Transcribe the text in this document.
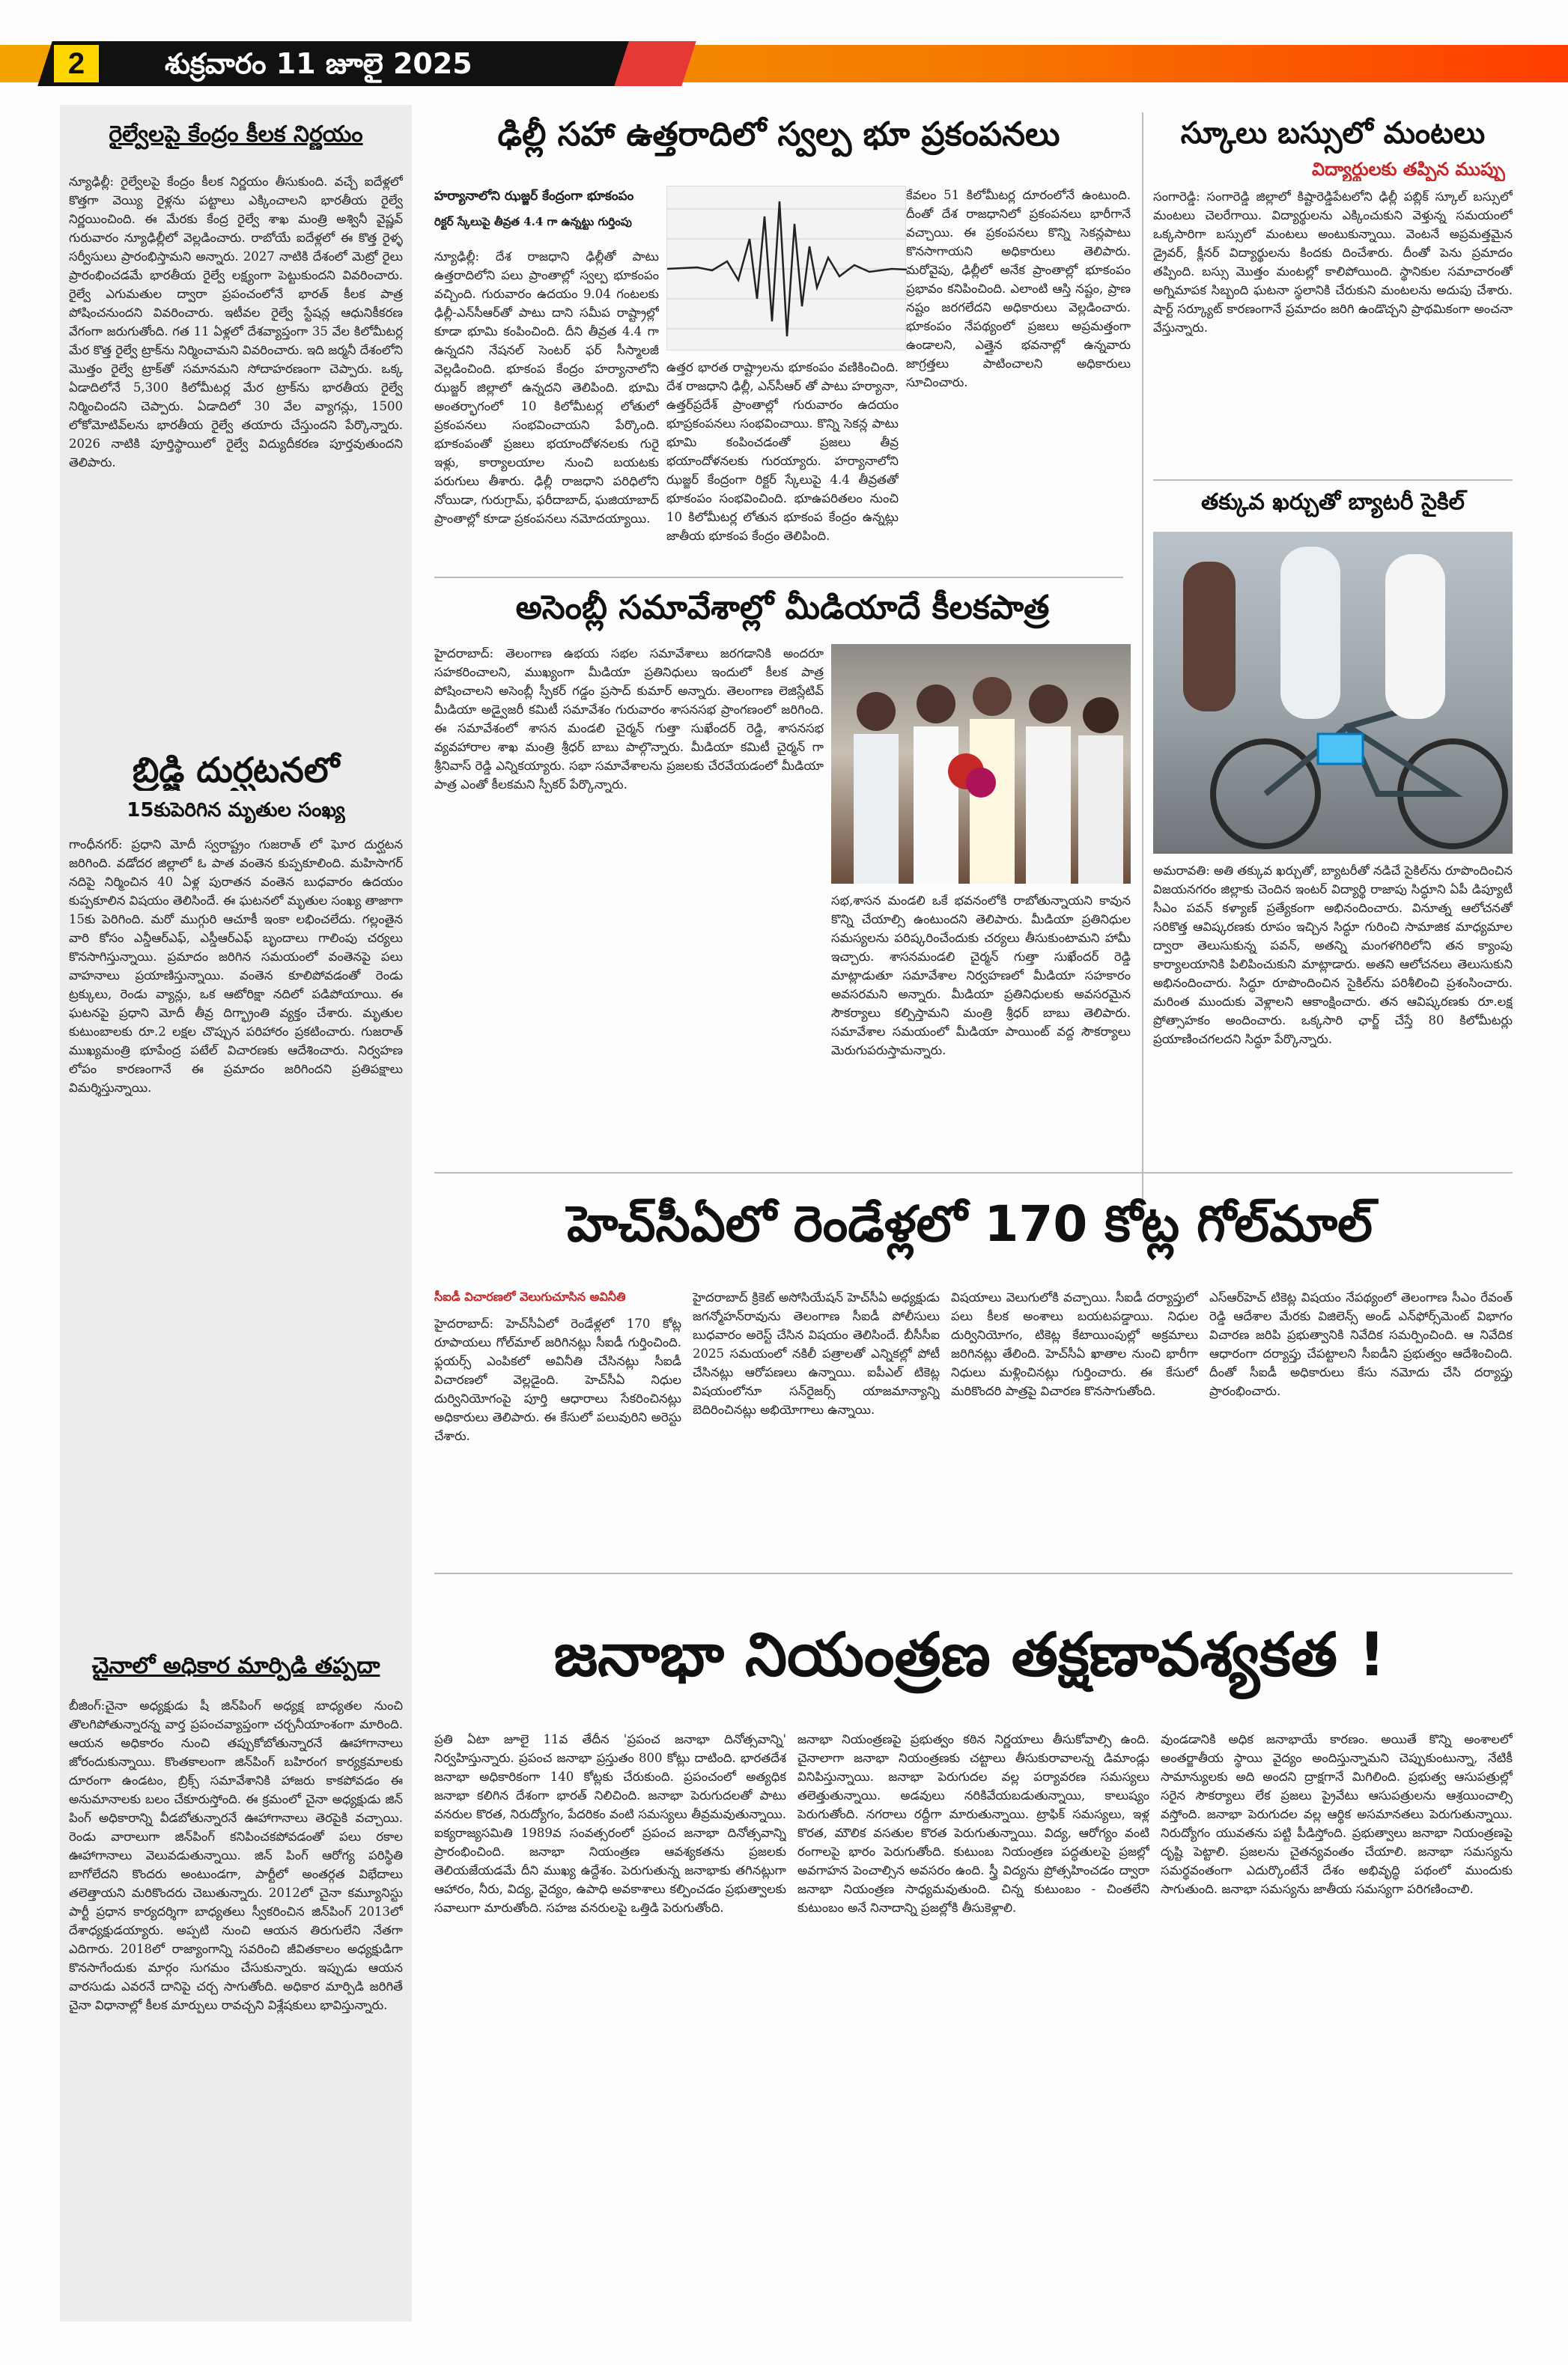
2	శుక్రవారం 11 జూలై 2025
రైల్వేలపై కేంద్రం కీలక నిర్ణయం
న్యూఢిల్లీ: రైల్వేలపై కేంద్రం కీలక నిర్ణయం తీసుకుంది. వచ్చే ఐదేళ్లలో కొత్తగా వెయ్యి రైళ్లను పట్టాలు ఎక్కించాలని భారతీయ రైల్వే నిర్ణయించింది. ఈ మేరకు కేంద్ర రైల్వే శాఖ మంత్రి అశ్వినీ వైష్ణవ్ గురువారం న్యూఢిల్లీలో వెల్లడించారు. రాబోయే ఐదేళ్లలో ఈ కొత్త రైళ్ళ సర్వీసులు ప్రారంభిస్తామని అన్నారు. 2027 నాటికి దేశంలో మెట్రో రైలు ప్రారంభించడమే భారతీయ రైల్వే లక్ష్యంగా పెట్టుకుందని వివరించారు. రైల్వే ఎగుమతుల ద్వారా ప్రపంచంలోనే భారత్ కీలక పాత్ర పోషించనుందని వివరించారు. ఇటీవల రైల్వే స్టేషన్ల ఆధునికీకరణ వేగంగా జరుగుతోంది. గత 11 ఏళ్లలో దేశవ్యాప్తంగా 35 వేల కిలోమీటర్ల మేర కొత్త రైల్వే ట్రాక్‌ను నిర్మించామని వివరించారు. ఇది జర్మనీ దేశంలోని మొత్తం రైల్వే ట్రాక్‌తో సమానమని సోదాహరణంగా చెప్పారు. ఒక్క ఏడాదిలోనే 5,300 కిలోమీటర్ల మేర ట్రాక్‌ను భారతీయ రైల్వే నిర్మించిందని చెప్పారు. ఏడాదిలో 30 వేల వ్యాగన్లు, 1500 లోకోమోటివ్‌లను భారతీయ రైల్వే తయారు చేస్తుందని పేర్కొన్నారు. 2026 నాటికి పూర్తిస్థాయిలో రైల్వే విద్యుదీకరణ పూర్తవుతుందని తెలిపారు.
బ్రిడ్జి దుర్ఘటనలో
15కుపెరిగిన మృతుల సంఖ్య
గాంధీనగర్: ప్రధాని మోదీ స్వరాష్ట్రం గుజరాత్ లో ఘోర దుర్ఘటన జరిగింది. వడోదర జిల్లాలో ఓ పాత వంతెన కుప్పకూలింది. మహిసాగర్ నదిపై నిర్మించిన 40 ఏళ్ల పురాతన వంతెన బుధవారం ఉదయం కుప్పకూలిన విషయం తెలిసిందే. ఈ ఘటనలో మృతుల సంఖ్య తాజాగా 15కు పెరిగింది. మరో ముగ్గురి ఆచూకీ ఇంకా లభించలేదు. గల్లంతైన వారి కోసం ఎన్డీఆర్ఎఫ్, ఎస్డీఆర్ఎఫ్ బృందాలు గాలింపు చర్యలు కొనసాగిస్తున్నాయి. ప్రమాదం జరిగిన సమయంలో వంతెనపై పలు వాహనాలు ప్రయాణిస్తున్నాయి. వంతెన కూలిపోవడంతో రెండు ట్రక్కులు, రెండు వ్యాన్లు, ఒక ఆటోరిక్షా నదిలో పడిపోయాయి. ఈ ఘటనపై ప్రధాని మోదీ తీవ్ర దిగ్భ్రాంతి వ్యక్తం చేశారు. మృతుల కుటుంబాలకు రూ.2 లక్షల చొప్పున పరిహారం ప్రకటించారు. గుజరాత్ ముఖ్యమంత్రి భూపేంద్ర పటేల్ విచారణకు ఆదేశించారు. నిర్వహణ లోపం కారణంగానే ఈ ప్రమాదం జరిగిందని ప్రతిపక్షాలు విమర్శిస్తున్నాయి.
చైనాలో అధికార మార్పిడి తప్పదా
బీజింగ్:చైనా అధ్యక్షుడు షీ జిన్‌పింగ్ అధ్యక్ష బాధ్యతల నుంచి తొలగిపోతున్నారన్న వార్త ప్రపంచవ్యాప్తంగా చర్చనీయాంశంగా మారింది. ఆయన అధికారం నుంచి తప్పుకోబోతున్నారనే ఊహాగానాలు జోరందుకున్నాయి. కొంతకాలంగా జిన్‌పింగ్ బహిరంగ కార్యక్రమాలకు దూరంగా ఉండటం, బ్రిక్స్ సమావేశానికి హాజరు కాకపోవడం ఈ అనుమానాలకు బలం చేకూరుస్తోంది. ఈ క్రమంలో చైనా అధ్యక్షుడు జిన్ పింగ్ అధికారాన్ని వీడబోతున్నారనే ఊహాగానాలు తెరపైకి వచ్చాయి. రెండు వారాలుగా జిన్‌పింగ్ కనిపించకపోవడంతో పలు రకాల ఊహాగానాలు వెలువడుతున్నాయి. జిన్ పింగ్ ఆరోగ్య పరిస్థితి బాగోలేదని కొందరు అంటుండగా, పార్టీలో అంతర్గత విభేదాలు తలెత్తాయని మరికొందరు చెబుతున్నారు. 2012లో చైనా కమ్యూనిస్టు పార్టీ ప్రధాన కార్యదర్శిగా బాధ్యతలు స్వీకరించిన జిన్‌పింగ్ 2013లో దేశాధ్యక్షుడయ్యారు. అప్పటి నుంచి ఆయన తిరుగులేని నేతగా ఎదిగారు. 2018లో రాజ్యాంగాన్ని సవరించి జీవితకాలం అధ్యక్షుడిగా కొనసాగేందుకు మార్గం సుగమం చేసుకున్నారు. ఇప్పుడు ఆయన వారసుడు ఎవరనే దానిపై చర్చ సాగుతోంది. అధికార మార్పిడి జరిగితే చైనా విధానాల్లో కీలక మార్పులు రావచ్చని విశ్లేషకులు భావిస్తున్నారు.
ఢిల్లీ సహా ఉత్తరాదిలో స్వల్ప భూ ప్రకంపనలు
హర్యానాలోని ఝజ్జర్ కేంద్రంగా భూకంపం
రిక్టర్ స్కేలుపై తీవ్రత 4.4 గా ఉన్నట్టు గుర్తింపు
న్యూఢిల్లీ: దేశ రాజధాని ఢిల్లీతో పాటు ఉత్తరాదిలోని పలు ప్రాంతాల్లో స్వల్ప భూకంపం వచ్చింది. గురువారం ఉదయం 9.04 గంటలకు ఢిల్లీ-ఎన్‌సీఆర్‌తో పాటు దాని సమీప రాష్ట్రాల్లో కూడా భూమి కంపించింది. దీని తీవ్రత 4.4 గా ఉన్నదని నేషనల్ సెంటర్ ఫర్ సీస్మాలజీ వెల్లడించింది. భూకంప కేంద్రం హర్యానాలోని ఝజ్జర్ జిల్లాలో ఉన్నదని తెలిపింది. భూమి అంతర్భాగంలో 10 కిలోమీటర్ల లోతులో ప్రకంపనలు సంభవించాయని పేర్కొంది. భూకంపంతో ప్రజలు భయాందోళనలకు గురై ఇళ్లు, కార్యాలయాల నుంచి బయటకు పరుగులు తీశారు. ఢిల్లీ రాజధాని పరిధిలోని నోయిడా, గురుగ్రామ్, ఫరీదాబాద్, ఘజియాబాద్ ప్రాంతాల్లో కూడా ప్రకంపనలు నమోదయ్యాయి.
ఉత్తర భారత రాష్ట్రాలను భూకంపం వణికించింది. దేశ రాజధాని ఢిల్లీ, ఎన్‌సీఆర్ తో పాటు హర్యానా, ఉత్తర్‌ప్రదేశ్ ప్రాంతాల్లో గురువారం ఉదయం భూప్రకంపనలు సంభవించాయి. కొన్ని సెకన్ల పాటు భూమి కంపించడంతో ప్రజలు తీవ్ర భయాందోళనలకు గురయ్యారు. హర్యానాలోని ఝజ్జర్ కేంద్రంగా రిక్టర్ స్కేలుపై 4.4 తీవ్రతతో భూకంపం సంభవించింది. భూఉపరితలం నుంచి 10 కిలోమీటర్ల లోతున భూకంప కేంద్రం ఉన్నట్లు జాతీయ భూకంప కేంద్రం తెలిపింది.
కేవలం 51 కిలోమీటర్ల దూరంలోనే ఉంటుంది. దీంతో దేశ రాజధానిలో ప్రకంపనలు భారీగానే వచ్చాయి. ఈ ప్రకంపనలు కొన్ని సెకన్లపాటు కొనసాగాయని అధికారులు తెలిపారు. మరోవైపు, ఢిల్లీలో అనేక ప్రాంతాల్లో భూకంపం ప్రభావం కనిపించింది. ఎలాంటి ఆస్తి నష్టం, ప్రాణ నష్టం జరగలేదని అధికారులు వెల్లడించారు. భూకంపం నేపథ్యంలో ప్రజలు అప్రమత్తంగా ఉండాలని, ఎత్తైన భవనాల్లో ఉన్నవారు జాగ్రత్తలు పాటించాలని అధికారులు సూచించారు.
స్కూలు బస్సులో మంటలు
విద్యార్థులకు తప్పిన ముప్పు
సంగారెడ్డి: సంగారెడ్డి జిల్లాలో కిష్టారెడ్డిపేటలోని ఢిల్లీ పబ్లిక్ స్కూల్ బస్సులో మంటలు చెలరేగాయి. విద్యార్థులను ఎక్కించుకుని వెళ్తున్న సమయంలో ఒక్కసారిగా బస్సులో మంటలు అంటుకున్నాయి. వెంటనే అప్రమత్తమైన డ్రైవర్, క్లీనర్ విద్యార్థులను కిందకు దించేశారు. దీంతో పెను ప్రమాదం తప్పింది. బస్సు మొత్తం మంటల్లో కాలిపోయింది. స్థానికుల సమాచారంతో అగ్నిమాపక సిబ్బంది ఘటనా స్థలానికి చేరుకుని మంటలను అదుపు చేశారు. షార్ట్ సర్క్యూట్ కారణంగానే ప్రమాదం జరిగి ఉండొచ్చని ప్రాథమికంగా అంచనా వేస్తున్నారు.
తక్కువ ఖర్చుతో బ్యాటరీ సైకిల్
అమరావతి: అతి తక్కువ ఖర్చుతో, బ్యాటరీతో నడిచే సైకిల్‌ను రూపొందించిన విజయనగరం జిల్లాకు చెందిన ఇంటర్ విద్యార్థి రాజాపు సిద్ధూని ఏపీ డిప్యూటీ సీఎం పవన్ కళ్యాణ్ ప్రత్యేకంగా అభినందించారు. వినూత్న ఆలోచనతో సరికొత్త ఆవిష్కరణకు రూపం ఇచ్చిన సిద్ధూ గురించి సామాజిక మాధ్యమాల ద్వారా తెలుసుకున్న పవన్, అతన్ని మంగళగిరిలోని తన క్యాంపు కార్యాలయానికి పిలిపించుకుని మాట్లాడారు. అతని ఆలోచనలు తెలుసుకుని అభినందించారు. సిద్ధూ రూపొందించిన సైకిల్‌ను పరిశీలించి ప్రశంసించారు. మరింత ముందుకు వెళ్లాలని ఆకాంక్షించారు. తన ఆవిష్కరణకు రూ.లక్ష ప్రోత్సాహకం అందించారు. ఒక్కసారి ఛార్జ్ చేస్తే 80 కిలోమీటర్లు ప్రయాణించగలదని సిద్ధూ పేర్కొన్నారు.
అసెంబ్లీ సమావేశాల్లో మీడియాదే కీలకపాత్ర
హైదరాబాద్: తెలంగాణ ఉభయ సభల సమావేశాలు జరగడానికి అందరూ సహకరించాలని, ముఖ్యంగా మీడియా ప్రతినిధులు ఇందులో కీలక పాత్ర పోషించాలని అసెంబ్లీ స్పీకర్ గడ్డం ప్రసాద్ కుమార్ అన్నారు. తెలంగాణ లెజిస్లేటివ్ మీడియా అడ్వైజరీ కమిటీ సమావేశం గురువారం శాసనసభ ప్రాంగణంలో జరిగింది. ఈ సమావేశంలో శాసన మండలి చైర్మన్ గుత్తా సుఖేందర్ రెడ్డి, శాసనసభ వ్యవహారాల శాఖ మంత్రి శ్రీధర్ బాబు పాల్గొన్నారు. మీడియా కమిటీ చైర్మన్ గా శ్రీనివాస్ రెడ్డి ఎన్నికయ్యారు. సభా సమావేశాలను ప్రజలకు చేరవేయడంలో మీడియా పాత్ర ఎంతో కీలకమని స్పీకర్ పేర్కొన్నారు.
సభ,శాసన మండలి ఒకే భవనంలోకి రాబోతున్నాయని కావున కొన్ని చేయాల్సి ఉంటుందని తెలిపారు. మీడియా ప్రతినిధుల సమస్యలను పరిష్కరించేందుకు చర్యలు తీసుకుంటామని హామీ ఇచ్చారు. శాసనమండలి చైర్మన్ గుత్తా సుఖేందర్ రెడ్డి మాట్లాడుతూ సమావేశాల నిర్వహణలో మీడియా సహకారం అవసరమని అన్నారు. మీడియా ప్రతినిధులకు అవసరమైన సౌకర్యాలు కల్పిస్తామని మంత్రి శ్రీధర్ బాబు తెలిపారు. సమావేశాల సమయంలో మీడియా పాయింట్ వద్ద సౌకర్యాలు మెరుగుపరుస్తామన్నారు.
హెచ్‌సీఏలో రెండేళ్లలో 170 కోట్ల గోల్‌మాల్
సీఐడీ విచారణలో వెలుగుచూసిన అవినీతి
హైదరాబాద్: హెచ్‌సీఏలో రెండేళ్లలో 170 కోట్ల రూపాయలు గోల్‌మాల్ జరిగినట్లు సీఐడీ గుర్తించింది. ఫ్లయర్స్ ఎంపికలో అవినీతి చేసినట్లు సీఐడీ విచారణలో వెల్లడైంది. హెచ్‌సీఏ నిధుల దుర్వినియోగంపై పూర్తి ఆధారాలు సేకరించినట్లు అధికారులు తెలిపారు. ఈ కేసులో పలువురిని అరెస్టు చేశారు.
హైదరాబాద్ క్రికెట్ అసోసియేషన్ హెచ్‌సీఏ అధ్యక్షుడు జగన్మోహన్‌రావును తెలంగాణ సీఐడీ పోలీసులు బుధవారం అరెస్ట్ చేసిన విషయం తెలిసిందే. బీసీసీఐ 2025 సమయంలో నకిలీ పత్రాలతో ఎన్నికల్లో పోటీ చేసినట్లు ఆరోపణలు ఉన్నాయి. ఐపీఎల్ టికెట్ల విషయంలోనూ సన్‌రైజర్స్ యాజమాన్యాన్ని బెదిరించినట్లు అభియోగాలు ఉన్నాయి.
విషయాలు వెలుగులోకి వచ్చాయి. సీఐడీ దర్యాప్తులో పలు కీలక అంశాలు బయటపడ్డాయి. నిధుల దుర్వినియోగం, టికెట్ల కేటాయింపుల్లో అక్రమాలు జరిగినట్లు తేలింది. హెచ్‌సీఏ ఖాతాల నుంచి భారీగా నిధులు మళ్లించినట్లు గుర్తించారు. ఈ కేసులో మరికొందరి పాత్రపై విచారణ కొనసాగుతోంది.
ఎస్‌ఆర్‌హెచ్ టికెట్ల విషయం నేపథ్యంలో తెలంగాణ సీఎం రేవంత్ రెడ్డి ఆదేశాల మేరకు విజిలెన్స్ అండ్ ఎన్‌ఫోర్స్‌మెంట్ విభాగం విచారణ జరిపి ప్రభుత్వానికి నివేదిక సమర్పించింది. ఆ నివేదిక ఆధారంగా దర్యాప్తు చేపట్టాలని సీఐడీని ప్రభుత్వం ఆదేశించింది. దీంతో సీఐడీ అధికారులు కేసు నమోదు చేసి దర్యాప్తు ప్రారంభించారు.
జనాభా నియంత్రణ తక్షణావశ్యకత !
ప్రతి ఏటా జూలై 11వ తేదీన 'ప్రపంచ జనాభా దినోత్సవాన్ని' నిర్వహిస్తున్నారు. ప్రపంచ జనాభా ప్రస్తుతం 800 కోట్లు దాటింది. భారతదేశ జనాభా అధికారికంగా 140 కోట్లకు చేరుకుంది. ప్రపంచంలో అత్యధిక జనాభా కలిగిన దేశంగా భారత్ నిలిచింది. జనాభా పెరుగుదలతో పాటు వనరుల కొరత, నిరుద్యోగం, పేదరికం వంటి సమస్యలు తీవ్రమవుతున్నాయి. ఐక్యరాజ్యసమితి 1989వ సంవత్సరంలో ప్రపంచ జనాభా దినోత్సవాన్ని ప్రారంభించింది. జనాభా నియంత్రణ ఆవశ్యకతను ప్రజలకు తెలియజేయడమే దీని ముఖ్య ఉద్దేశం. పెరుగుతున్న జనాభాకు తగినట్లుగా ఆహారం, నీరు, విద్య, వైద్యం, ఉపాధి అవకాశాలు కల్పించడం ప్రభుత్వాలకు సవాలుగా మారుతోంది. సహజ వనరులపై ఒత్తిడి పెరుగుతోంది.
జనాభా నియంత్రణపై ప్రభుత్వం కఠిన నిర్ణయాలు తీసుకోవాల్సి ఉంది. చైనాలాగా జనాభా నియంత్రణకు చట్టాలు తీసుకురావాలన్న డిమాండ్లు వినిపిస్తున్నాయి. జనాభా పెరుగుదల వల్ల పర్యావరణ సమస్యలు తలెత్తుతున్నాయి. అడవులు నరికివేయబడుతున్నాయి, కాలుష్యం పెరుగుతోంది. నగరాలు రద్దీగా మారుతున్నాయి. ట్రాఫిక్ సమస్యలు, ఇళ్ల కొరత, మౌలిక వసతుల కొరత పెరుగుతున్నాయి. విద్య, ఆరోగ్యం వంటి రంగాలపై భారం పెరుగుతోంది. కుటుంబ నియంత్రణ పద్ధతులపై ప్రజల్లో అవగాహన పెంచాల్సిన అవసరం ఉంది. స్త్రీ విద్యను ప్రోత్సహించడం ద్వారా జనాభా నియంత్రణ సాధ్యమవుతుంది. చిన్న కుటుంబం - చింతలేని కుటుంబం అనే నినాదాన్ని ప్రజల్లోకి తీసుకెళ్లాలి.
వుండడానికి అధిక జనాభాయే కారణం. అయితే కొన్ని అంశాలలో అంతర్జాతీయ స్థాయి వైద్యం అందిస్తున్నామని చెప్పుకుంటున్నా, నేటికీ సామాన్యులకు అది అందని ద్రాక్షగానే మిగిలింది. ప్రభుత్వ ఆసుపత్రుల్లో సరైన సౌకర్యాలు లేక ప్రజలు ప్రైవేటు ఆసుపత్రులను ఆశ్రయించాల్సి వస్తోంది. జనాభా పెరుగుదల వల్ల ఆర్థిక అసమానతలు పెరుగుతున్నాయి. నిరుద్యోగం యువతను పట్టి పీడిస్తోంది. ప్రభుత్వాలు జనాభా నియంత్రణపై దృష్టి పెట్టాలి. ప్రజలను చైతన్యవంతం చేయాలి. జనాభా సమస్యను సమర్థవంతంగా ఎదుర్కొంటేనే దేశం అభివృద్ధి పథంలో ముందుకు సాగుతుంది. జనాభా సమస్యను జాతీయ సమస్యగా పరిగణించాలి.
